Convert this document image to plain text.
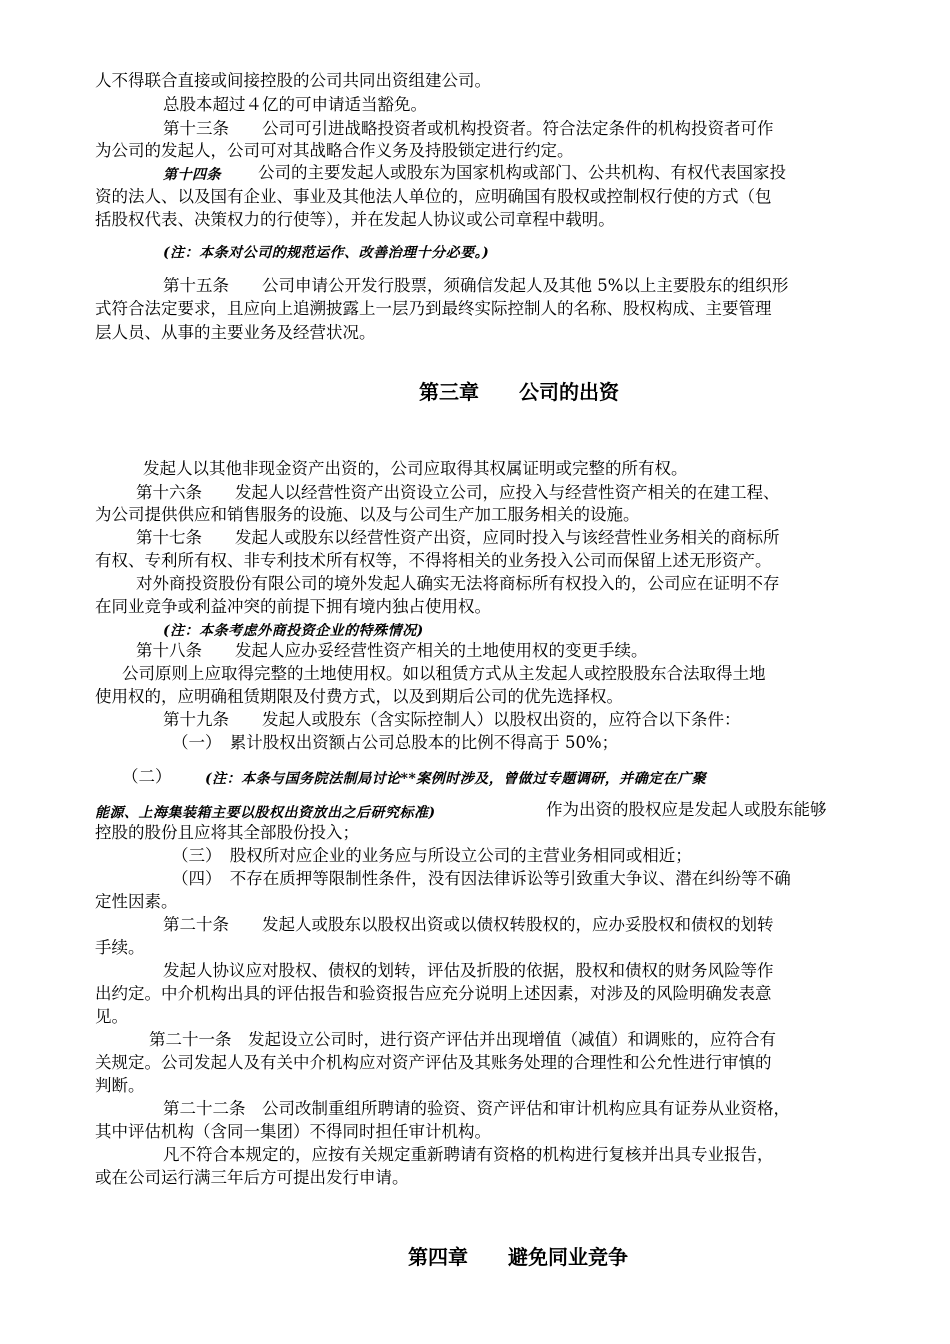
人不得联合直接或间接控股的公司共同出资组建公司。
总股本超过４亿的可申请适当豁免。
第十三条　　公司可引进战略投资者或机构投资者。符合法定条件的机构投资者可作
为公司的发起人，公司可对其战略合作义务及持股锁定进行约定。
第十四条 公司的主要发起人或股东为国家机构或部门、公共机构、有权代表国家投
资的法人、以及国有企业、事业及其他法人单位的，应明确国有股权或控制权行使的方式（包
括股权代表、决策权力的行使等），并在发起人协议或公司章程中载明。
(注：本条对公司的规范运作、改善治理十分必要。)
第十五条　　公司申请公开发行股票，须确信发起人及其他 5%以上主要股东的组织形
式符合法定要求，且应向上追溯披露上一层乃到最终实际控制人的名称、股权构成、主要管理
层人员、从事的主要业务及经营状况。
第三章　　公司的出资
发起人以其他非现金资产出资的，公司应取得其权属证明或完整的所有权。
第十六条　　发起人以经营性资产出资设立公司，应投入与经营性资产相关的在建工程、
为公司提供供应和销售服务的设施、以及与公司生产加工服务相关的设施。
第十七条　　发起人或股东以经营性资产出资，应同时投入与该经营性业务相关的商标所
有权、专利所有权、非专利技术所有权等，不得将相关的业务投入公司而保留上述无形资产。
对外商投资股份有限公司的境外发起人确实无法将商标所有权投入的，公司应在证明不存
在同业竞争或利益冲突的前提下拥有境内独占使用权。
(注：本条考虑外商投资企业的特殊情况)
第十八条　　发起人应办妥经营性资产相关的土地使用权的变更手续。
公司原则上应取得完整的土地使用权。如以租赁方式从主发起人或控股股东合法取得土地
使用权的，应明确租赁期限及付费方式，以及到期后公司的优先选择权。
第十九条　　发起人或股东（含实际控制人）以股权出资的，应符合以下条件：
（一）　累计股权出资额占公司总股本的比例不得高于 50%；
（二） (注：本条与国务院法制局讨论**案例时涉及，曾做过专题调研，并确定在广聚
能源、上海集装箱主要以股权出资放出之后研究标准)	作为出资的股权应是发起人或股东能够
控股的股份且应将其全部股份投入；
（三）　股权所对应企业的业务应与所设立公司的主营业务相同或相近；
（四）　不存在质押等限制性条件，没有因法律诉讼等引致重大争议、潜在纠纷等不确
定性因素。
第二十条　　发起人或股东以股权出资或以债权转股权的，应办妥股权和债权的划转
手续。
发起人协议应对股权、债权的划转，评估及折股的依据，股权和债权的财务风险等作
出约定。中介机构出具的评估报告和验资报告应充分说明上述因素，对涉及的风险明确发表意
见。
第二十一条　发起设立公司时，进行资产评估并出现增值（减值）和调账的，应符合有
关规定。公司发起人及有关中介机构应对资产评估及其账务处理的合理性和公允性进行审慎的
判断。
第二十二条　公司改制重组所聘请的验资、资产评估和审计机构应具有证券从业资格，
其中评估机构（含同一集团）不得同时担任审计机构。
凡不符合本规定的，应按有关规定重新聘请有资格的机构进行复核并出具专业报告，
或在公司运行满三年后方可提出发行申请。
第四章　　避免同业竞争
